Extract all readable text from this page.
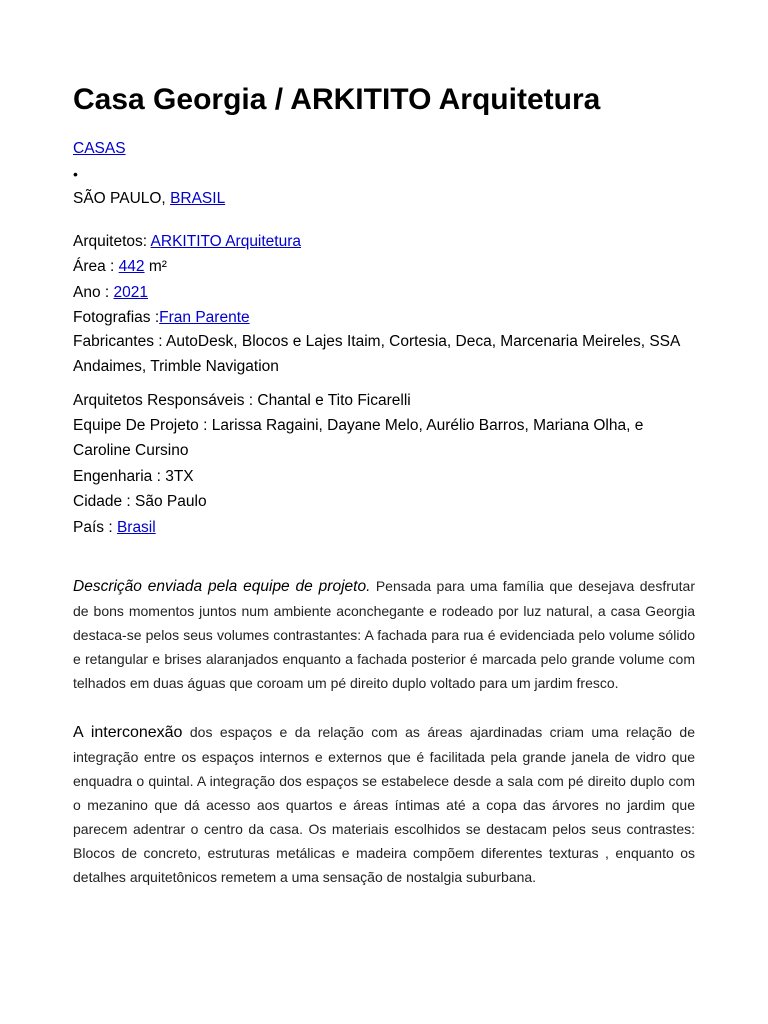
Casa Georgia / ARKITITO Arquitetura
CASAS
•
SÃO PAULO, BRASIL
Arquitetos: ARKITITO Arquitetura
Área : 442 m²
Ano : 2021
Fotografias :Fran Parente
Fabricantes : AutoDesk, Blocos e Lajes Itaim, Cortesia, Deca, Marcenaria Meireles, SSA Andaimes, Trimble Navigation
Arquitetos Responsáveis : Chantal e Tito Ficarelli
Equipe De Projeto : Larissa Ragaini, Dayane Melo, Aurélio Barros, Mariana Olha, e Caroline Cursino
Engenharia : 3TX
Cidade : São Paulo
País : Brasil
Descrição enviada pela equipe de projeto. Pensada para uma família que desejava desfrutar de bons momentos juntos num ambiente aconchegante e rodeado por luz natural, a casa Georgia destaca-se pelos seus volumes contrastantes: A fachada para rua é evidenciada pelo volume sólido e retangular e brises alaranjados enquanto a fachada posterior é marcada pelo grande volume com telhados em duas águas que coroam um pé direito duplo voltado para um jardim fresco.
A interconexão dos espaços e da relação com as áreas ajardinadas criam uma relação de integração entre os espaços internos e externos que é facilitada pela grande janela de vidro que enquadra o quintal. A integração dos espaços se estabelece desde a sala com pé direito duplo com o mezanino que dá acesso aos quartos e áreas íntimas até a copa das árvores no jardim que parecem adentrar o centro da casa. Os materiais escolhidos se destacam pelos seus contrastes: Blocos de concreto, estruturas metálicas e madeira compõem diferentes texturas , enquanto os detalhes arquitetônicos remetem a uma sensação de nostalgia suburbana.
